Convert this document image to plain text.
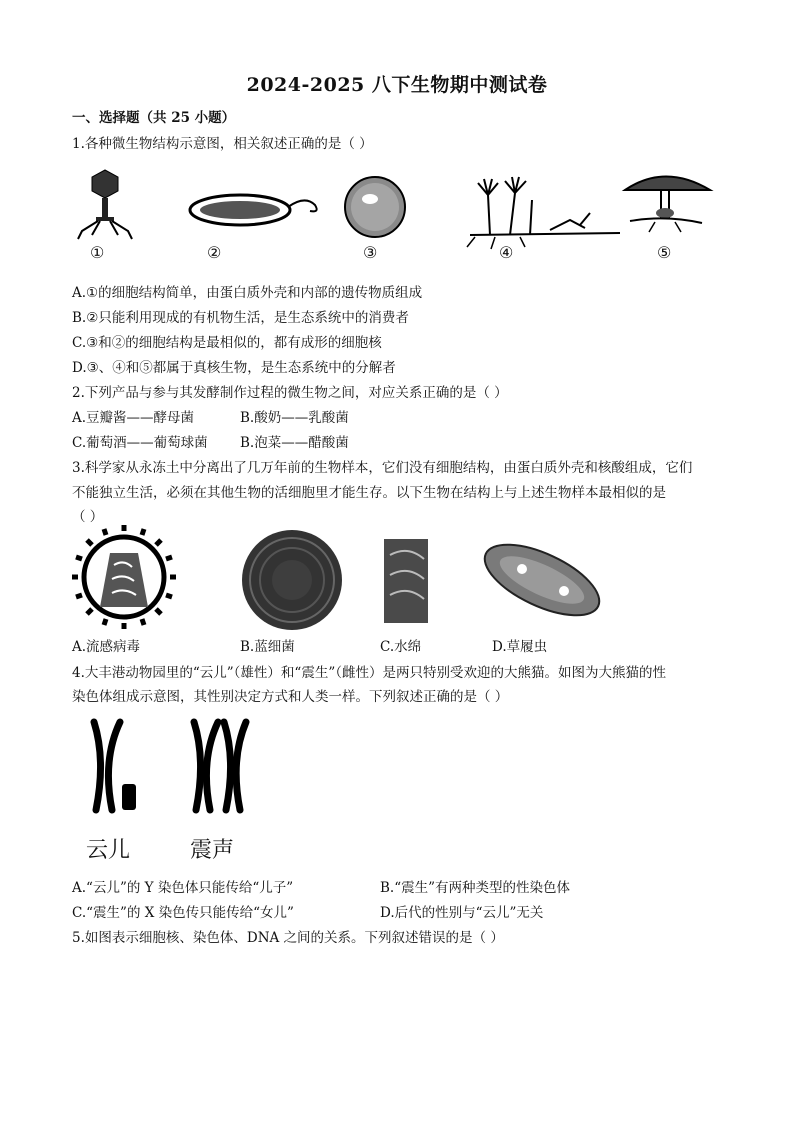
2024-2025 八下生物期中测试卷
一、选择题（共 25 小题）
1.各种微生物结构示意图，相关叙述正确的是（ ）
①	②	③	④	⑤
A.①的细胞结构简单，由蛋白质外壳和内部的遗传物质组成
B.②只能利用现成的有机物生活，是生态系统中的消费者
C.③和②的细胞结构是最相似的，都有成形的细胞核
D.③、④和⑤都属于真核生物，是生态系统中的分解者
2.下列产品与参与其发酵制作过程的微生物之间，对应关系正确的是（ ）
A.豆瓣酱——酵母菌	B.酸奶——乳酸菌
C.葡萄酒——葡萄球菌 B.泡菜——醋酸菌
3.科学家从永冻土中分离出了几万年前的生物样本，它们没有细胞结构，由蛋白质外壳和核酸组成，它们
不能独立生活，必须在其他生物的活细胞里才能生存。以下生物在结构上与上述生物样本最相似的是
（ ）
A.流感病毒	B.蓝细菌	C.水绵	D.草履虫
4.大丰港动物园里的“云儿”（雄性）和“震生”（雌性）是两只特别受欢迎的大熊猫。如图为大熊猫的性
染色体组成示意图，其性别决定方式和人类一样。下列叙述正确的是（ ）
云儿	震声
A.“云儿”的 Y 染色体只能传给“儿子”	B.“震生”有两种类型的性染色体
C.“震生”的 X 染色传只能传给“女儿”	D.后代的性别与“云儿”无关
5.如图表示细胞核、染色体、DNA 之间的关系。下列叙述错误的是（ ）
